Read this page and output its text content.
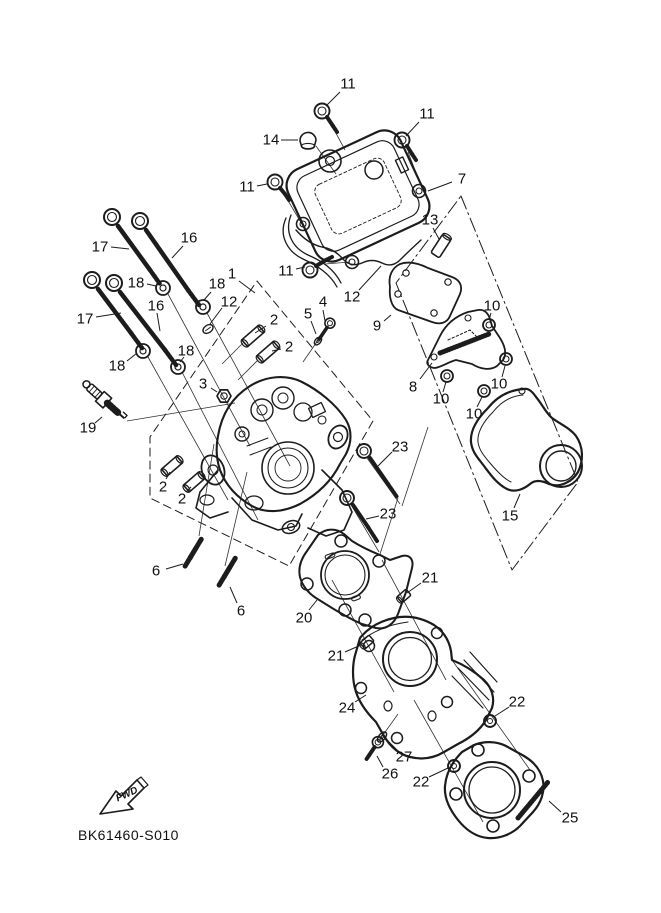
FWD
BK61460-S010
11
11
14
11	7
13
17
16
11
1
18	18
12
12	4	10
16	5
17	2	9
2
18
18
3	8
10
10
10
19
23
2
2
23	15
6	21
6	20
21
22
24
27
26 22
25
